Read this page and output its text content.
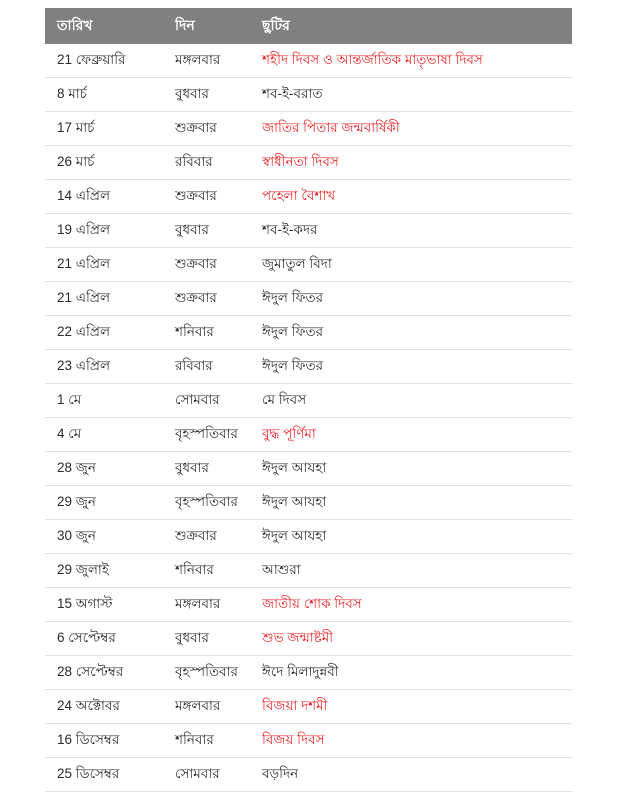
তারিখ	দিন	ছুটির
21 ফেব্রুয়ারি	মঙ্গলবার	শহীদ দিবস ও আন্তর্জাতিক মাতৃভাষা দিবস
8 মার্চ	বুধবার	শব-ই-বরাত
17 মার্চ	শুক্রবার	জাতির পিতার জন্মবার্ষিকী
26 মার্চ	রবিবার	স্বাধীনতা দিবস
14 এপ্রিল	শুক্রবার	পহেলা বৈশাখ
19 এপ্রিল	বুধবার	শব-ই-কদর
21 এপ্রিল	শুক্রবার	জুমাতুল বিদা
21 এপ্রিল	শুক্রবার	ঈদুল ফিতর
22 এপ্রিল	শনিবার	ঈদুল ফিতর
23 এপ্রিল	রবিবার	ঈদুল ফিতর
1 মে	সোমবার	মে দিবস
4 মে	বৃহস্পতিবার	বুদ্ধ পূর্ণিমা
28 জুন	বুধবার	ঈদুল আযহা
29 জুন	বৃহস্পতিবার	ঈদুল আযহা
30 জুন	শুক্রবার	ঈদুল আযহা
29 জুলাই	শনিবার	আশুরা
15 অগাস্ট	মঙ্গলবার	জাতীয় শোক দিবস
6 সেপ্টেম্বর	বুধবার	শুভ জন্মাষ্টমী
28 সেপ্টেম্বর	বৃহস্পতিবার	ঈদে মিলাদুন্নবী
24 অক্টোবর	মঙ্গলবার	বিজয়া দশমী
16 ডিসেম্বর	শনিবার	বিজয় দিবস
25 ডিসেম্বর	সোমবার	বড়দিন
